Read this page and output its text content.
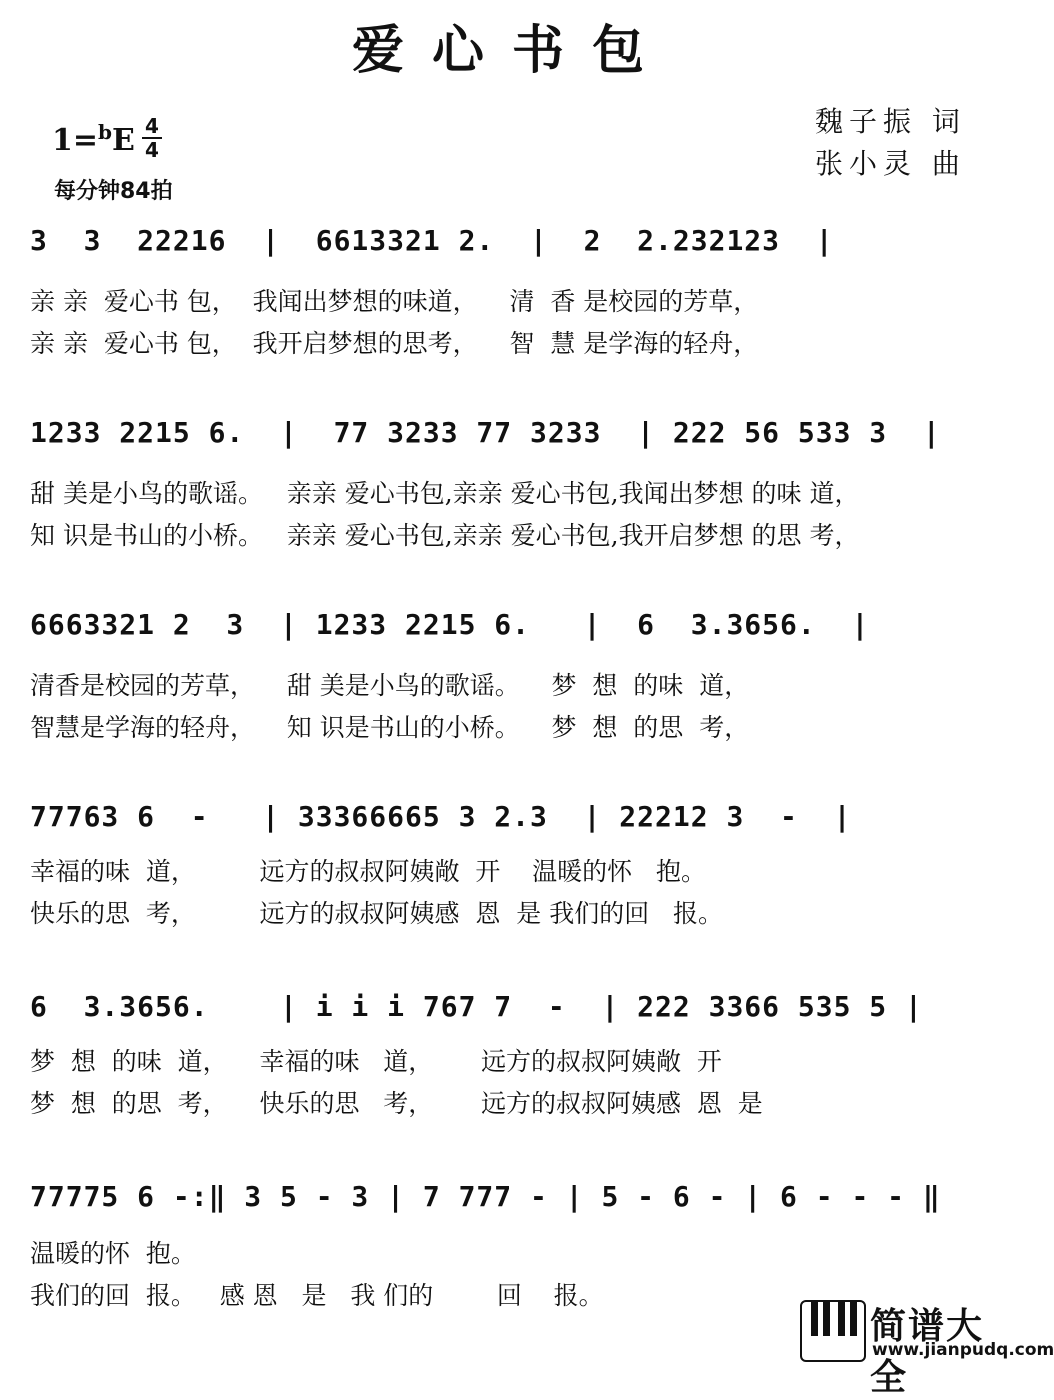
爱心书包
1=$^b$E 4
4
每分钟84拍
魏子振 词
张小灵 曲
3  3  22216  |  6613321 2.  |  2  2.232123  |
亲 亲  爱心书 包，  我闻出梦想的味道，    清  香 是校园的芳草，
亲 亲  爱心书 包，  我开启梦想的思考，    智  慧 是学海的轻舟，
1233 2215 6.  |  77 3233 77 3233  | 222 56 533 3  |
甜 美是小鸟的歌谣。   亲亲 爱心书包,亲亲 爱心书包,我闻出梦想 的味 道，
知 识是书山的小桥。   亲亲 爱心书包,亲亲 爱心书包,我开启梦想 的思 考，
6663321 2  3  | 1233 2215 6.   |  6  3.3656.  |
清香是校园的芳草，    甜 美是小鸟的歌谣。    梦  想  的味  道，
智慧是学海的轻舟，    知 识是书山的小桥。    梦  想  的思  考，
77763 6  -   | 33366665 3 2.3  | 22212 3  -  |
幸福的味  道，        远方的叔叔阿姨敞  开    温暖的怀   抱。
快乐的思  考，        远方的叔叔阿姨感  恩  是 我们的回   报。
6  3.3656.    | i i i 767 7  -  | 222 3366 535 5 |
梦  想  的味  道，    幸福的味   道，      远方的叔叔阿姨敞  开
梦  想  的思  考，    快乐的思   考，      远方的叔叔阿姨感  恩  是
77775 6 -:‖ 3 5 - 3 | 7 777 - | 5 - 6 - | 6 - - - ‖
温暖的怀  抱。
我们的回  报。   感 恩   是   我 们的        回    报。
简谱大全
www.jianpudq.com
